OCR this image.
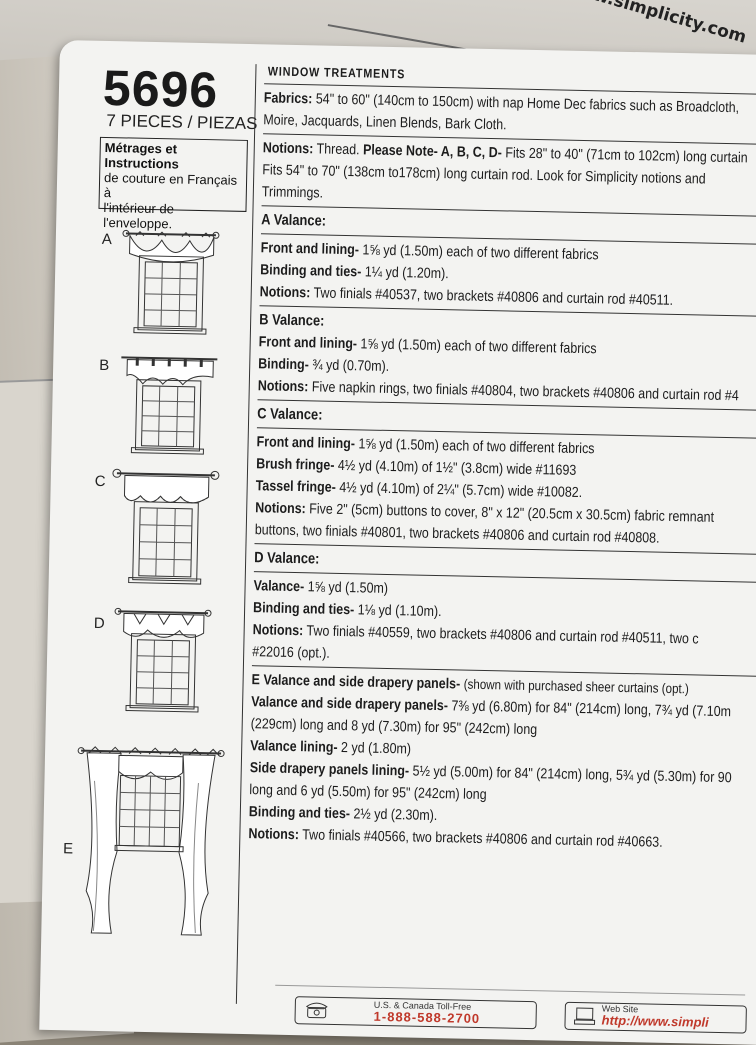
5696
7 PIECES / PIEZAS
Métrages et Instructions
de couture en Français à
l'intérieur de
l'enveloppe.
A
B
C
D
E
WINDOW TREATMENTS
Fabrics: 54" to 60" (140cm to 150cm) with nap Home Dec fabrics such as Broadcloth,
Moire, Jacquards, Linen Blends, Bark Cloth.
Notions: Thread. Please Note- A, B, C, D- Fits 28" to 40" (71cm to 102cm) long curtain
Fits 54" to 70" (138cm to178cm) long curtain rod. Look for Simplicity notions and
Trimmings.
A Valance:
Front and lining- 1⅝ yd (1.50m) each of two different fabrics
Binding and ties- 1¼ yd (1.20m).
Notions: Two finials #40537, two brackets #40806 and curtain rod #40511.
B Valance:
Front and lining- 1⅝ yd (1.50m) each of two different fabrics
Binding- ¾ yd (0.70m).
Notions: Five napkin rings, two finials #40804, two brackets #40806 and curtain rod #4
C Valance:
Front and lining- 1⅝ yd (1.50m) each of two different fabrics
Brush fringe- 4½ yd (4.10m) of 1½" (3.8cm) wide #11693
Tassel fringe- 4½ yd (4.10m) of 2¼" (5.7cm) wide #10082.
Notions: Five 2" (5cm) buttons to cover, 8" x 12" (20.5cm x 30.5cm) fabric remnant
buttons, two finials #40801, two brackets #40806 and curtain rod #40808.
D Valance:
Valance- 1⅝ yd (1.50m)
Binding and ties- 1⅛ yd (1.10m).
Notions: Two finials #40559, two brackets #40806 and curtain rod #40511, two c
#22016 (opt.).
E Valance and side drapery panels- (shown with purchased sheer curtains (opt.)
Valance and side drapery panels- 7⅜ yd (6.80m) for 84" (214cm) long, 7¾ yd (7.10m
(229cm) long and 8 yd (7.30m) for 95" (242cm) long
Valance lining- 2 yd (1.80m)
Side drapery panels lining- 5½ yd (5.00m) for 84" (214cm) long, 5¾ yd (5.30m) for 90
long and 6 yd (5.50m) for 95" (242cm) long
Binding and ties- 2½ yd (2.30m).
Notions: Two finials #40566, two brackets #40806 and curtain rod #40663.
U.S. & Canada Toll-Free
1-888-588-2700	Web Site
http://www.simpli
